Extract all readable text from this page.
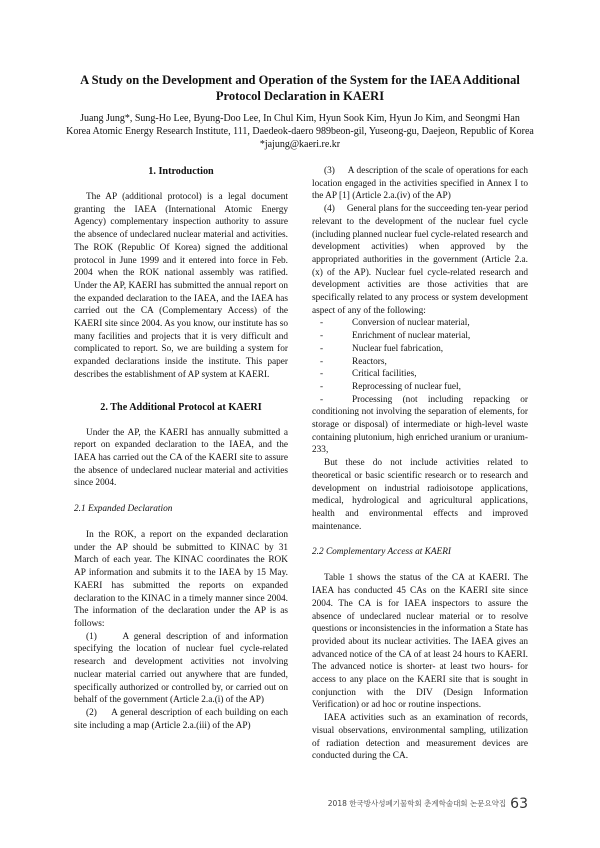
A Study on the Development and Operation of the System for the IAEA Additional Protocol Declaration in KAERI
Juang Jung*, Sung-Ho Lee, Byung-Doo Lee, In Chul Kim, Hyun Sook Kim, Hyun Jo Kim, and Seongmi Han
Korea Atomic Energy Research Institute, 111, Daedeok-daero 989beon-gil, Yuseong-gu, Daejeon, Republic of Korea
*jajung@kaeri.re.kr
1. Introduction

The AP (additional protocol) is a legal document granting the IAEA (International Atomic Energy Agency) complementary inspection authority to assure the absence of undeclared nuclear material and activities. The ROK (Republic Of Korea) signed the additional protocol in June 1999 and it entered into force in Feb. 2004 when the ROK national assembly was ratified. Under the AP, KAERI has submitted the annual report on the expanded declaration to the IAEA, and the IAEA has carried out the CA (Complementary Access) of the KAERI site since 2004. As you know, our institute has so many facilities and projects that it is very difficult and complicated to report. So, we are building a system for expanded declarations inside the institute. This paper describes the establishment of AP system at KAERI.

2. The Additional Protocol at KAERI

Under the AP, the KAERI has annually submitted a report on expanded declaration to the IAEA, and the IAEA has carried out the CA of the KAERI site to assure the absence of undeclared nuclear material and activities since 2004.

2.1 Expanded Declaration

In the ROK, a report on the expanded declaration under the AP should be submitted to KINAC by 31 March of each year. The KINAC coordinates the ROK AP information and submits it to the IAEA by 15 May. KAERI has submitted the reports on expanded declaration to the KINAC in a timely manner since 2004. The information of the declaration under the AP is as follows:

(1)     A general description of and information specifying the location of nuclear fuel cycle-related research and development activities not involving nuclear material carried out anywhere that are funded, specifically authorized or controlled by, or carried out on behalf of the government (Article 2.a.(i) of the AP)

(2)     A general description of each building on each site including a map (Article 2.a.(iii) of the AP)

(3)     A description of the scale of operations for each location engaged in the activities specified in Annex I to the AP [1] (Article 2.a.(iv) of the AP)

(4)     General plans for the succeeding ten-year period relevant to the development of the nuclear fuel cycle (including planned nuclear fuel cycle-related research and development activities) when approved by the appropriated authorities in the government (Article 2.a.(x) of the AP). Nuclear fuel cycle-related research and development activities are those activities that are specifically related to any process or system development aspect of any of the following:

-	Conversion of nuclear material,
-	Enrichment of nuclear material,
-	Nuclear fuel fabrication,
-	Reactors,
-	Critical facilities,
-	Reprocessing of nuclear fuel,
-	Processing (not including repacking or conditioning not involving the separation of elements, for storage or disposal) of intermediate or high-level waste containing plutonium, high enriched uranium or uranium-233,

But these do not include activities related to theoretical or basic scientific research or to research and development on industrial radioisotope applications, medical, hydrological and agricultural applications, health and environmental effects and improved maintenance.

2.2 Complementary Access at KAERI

Table 1 shows the status of the CA at KAERI. The IAEA has conducted 45 CAs on the KAERI site since 2004. The CA is for IAEA inspectors to assure the absence of undeclared nuclear material or to resolve questions or inconsistencies in the information a State has provided about its nuclear activities. The IAEA gives an advanced notice of the CA of at least 24 hours to KAERI. The advanced notice is shorter- at least two hours- for access to any place on the KAERI site that is sought in conjunction with the DIV (Design Information Verification) or ad hoc or routine inspections.

IAEA activities such as an examination of records, visual observations, environmental sampling, utilization of radiation detection and measurement devices are conducted during the CA.

2018 한국방사성폐기물학회 춘계학술대회 논문요약집 63
